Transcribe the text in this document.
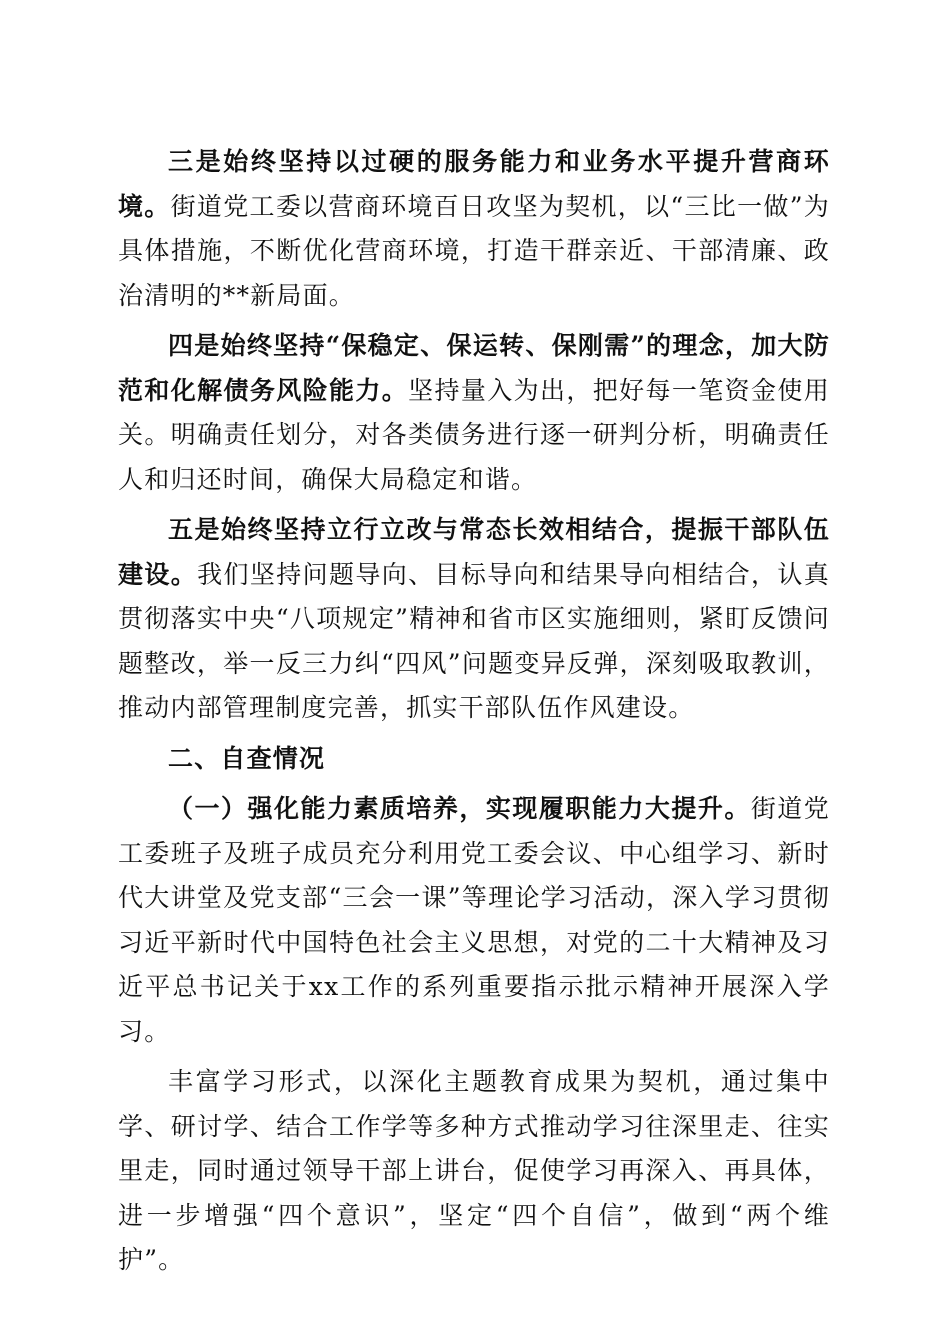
三是始终坚持以过硬的服务能力和业务水平提升营商环境。街道党工委以营商环境百日攻坚为契机，以“三比一做”为具体措施，不断优化营商环境，打造干群亲近、干部清廉、政治清明的**新局面。

四是始终坚持“保稳定、保运转、保刚需”的理念，加大防范和化解债务风险能力。坚持量入为出，把好每一笔资金使用关。明确责任划分，对各类债务进行逐一研判分析，明确责任人和归还时间，确保大局稳定和谐。

五是始终坚持立行立改与常态长效相结合，提振干部队伍建设。我们坚持问题导向、目标导向和结果导向相结合，认真贯彻落实中央“八项规定”精神和省市区实施细则，紧盯反馈问题整改，举一反三力纠“四风”问题变异反弹，深刻吸取教训，推动内部管理制度完善，抓实干部队伍作风建设。

二、自查情况

（一）强化能力素质培养，实现履职能力大提升。街道党工委班子及班子成员充分利用党工委会议、中心组学习、新时代大讲堂及党支部“三会一课”等理论学习活动，深入学习贯彻习近平新时代中国特色社会主义思想，对党的二十大精神及习近平总书记关于xx工作的系列重要指示批示精神开展深入学习。

丰富学习形式，以深化主题教育成果为契机，通过集中学、研讨学、结合工作学等多种方式推动学习往深里走、往实里走，同时通过领导干部上讲台，促使学习再深入、再具体，进一步增强“四个意识”，坚定“四个自信”，做到“两个维护”。
